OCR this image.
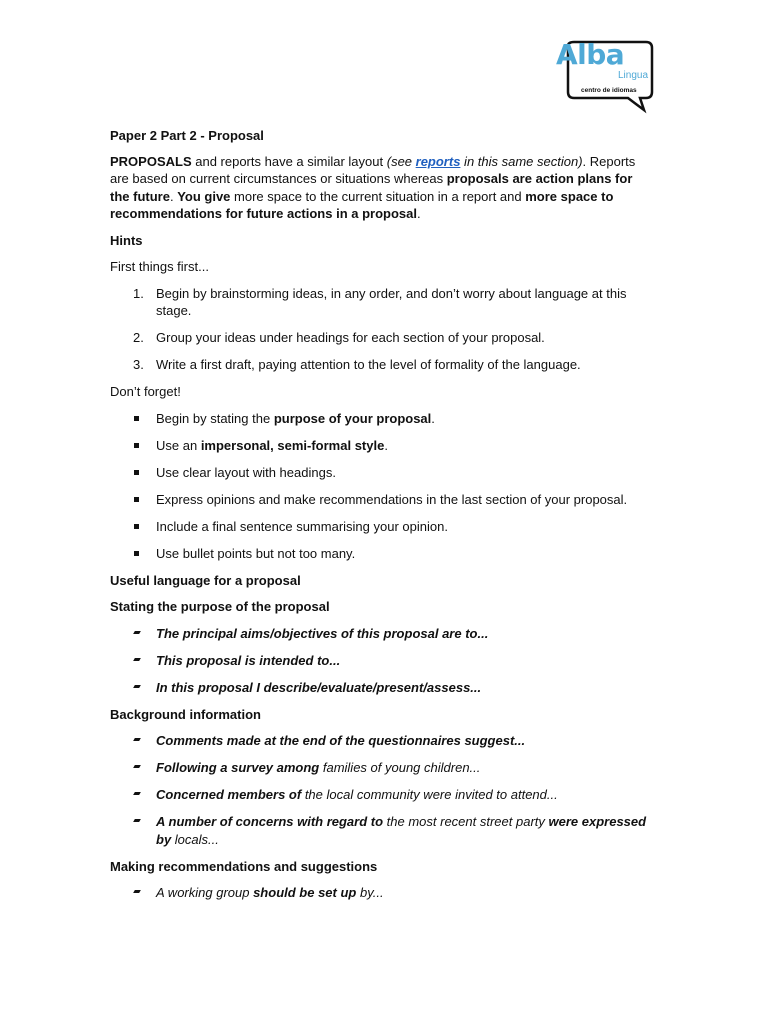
Alba
Lingua
centro de idiomas

Paper 2 Part 2 - Proposal

PROPOSALS and reports have a similar layout (see reports in this same section). Reports are based on current circumstances or situations whereas proposals are action plans for the future. You give more space to the current situation in a report and more space to recommendations for future actions in a proposal.

Hints

First things first...

1. Begin by brainstorming ideas, in any order, and don’t worry about language at this stage.
2. Group your ideas under headings for each section of your proposal.
3. Write a first draft, paying attention to the level of formality of the language.

Don’t forget!

Begin by stating the purpose of your proposal.
Use an impersonal, semi-formal style.
Use clear layout with headings.
Express opinions and make recommendations in the last section of your proposal.
Include a final sentence summarising your opinion.
Use bullet points but not too many.

Useful language for a proposal

Stating the purpose of the proposal

The principal aims/objectives of this proposal are to...
This proposal is intended to...
In this proposal I describe/evaluate/present/assess...

Background information

Comments made at the end of the questionnaires suggest...
Following a survey among families of young children...
Concerned members of the local community were invited to attend...
A number of concerns with regard to the most recent street party were expressed by locals...

Making recommendations and suggestions

A working group should be set up by...
